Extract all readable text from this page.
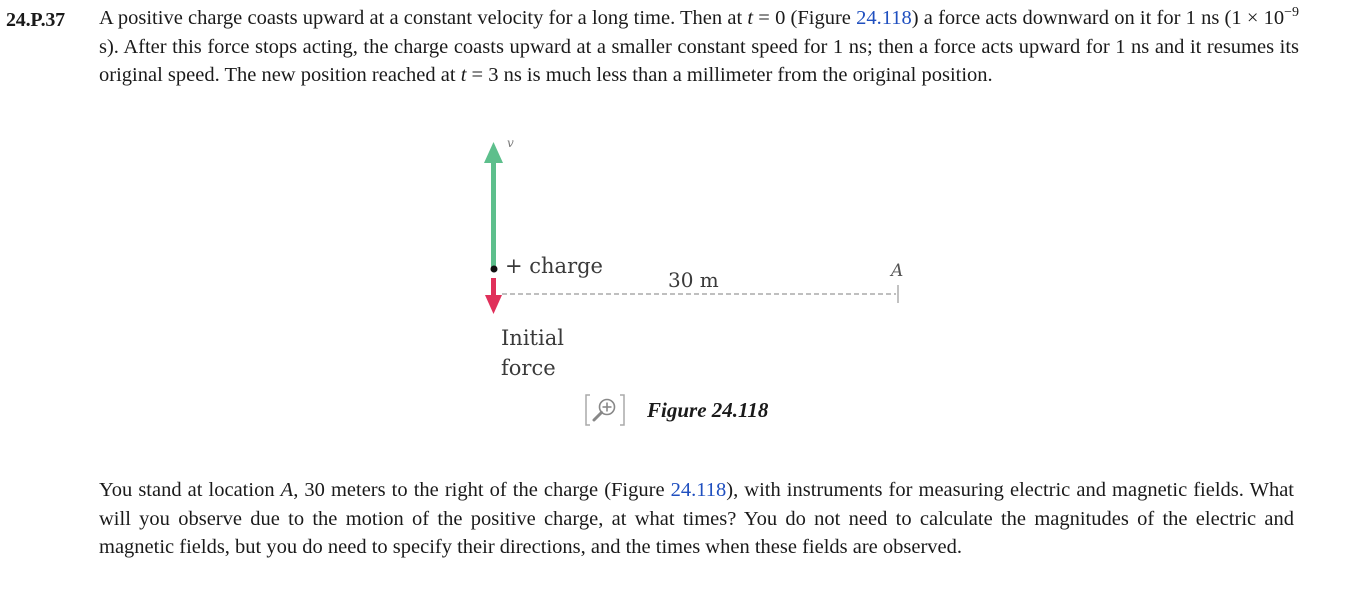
24.P.37 A positive charge coasts upward at a constant velocity for a long time. Then at t = 0 (Figure 24.118) a force acts downward on it for 1 ns ($1 \times 10^{-9}$ s). After this force stops acting, the charge coasts upward at a smaller constant speed for 1 ns; then a force acts upward for 1 ns and it resumes its original speed. The new position reached at t = 3 ns is much less than a millimeter from the original position.

v
+ charge
30 m	A
Initial
force
Figure 24.118

You stand at location A, 30 meters to the right of the charge (Figure 24.118), with instruments for measuring electric and magnetic fields. What will you observe due to the motion of the positive charge, at what times? You do not need to calculate the magnitudes of the electric and magnetic fields, but you do need to specify their directions, and the times when these fields are observed.
